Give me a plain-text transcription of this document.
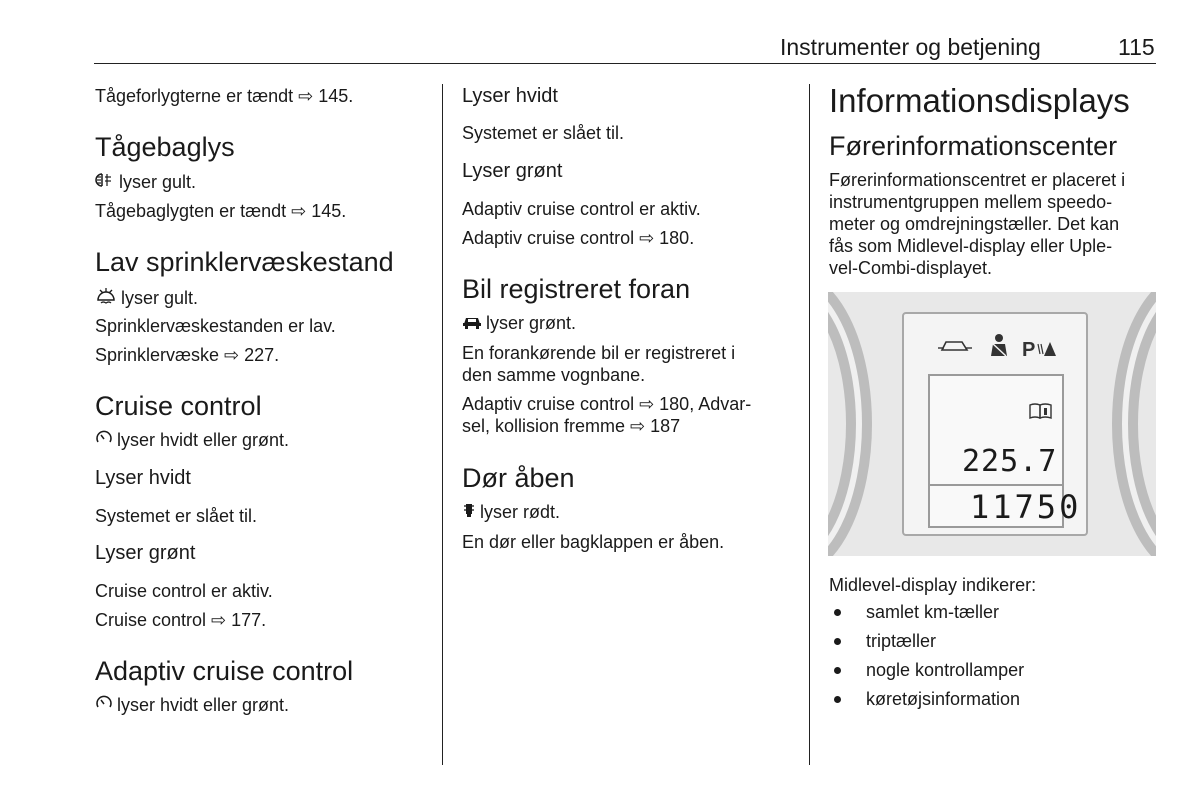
Instrumenter og betjening	115
Tågeforlygterne er tændt ⇨ 145.
Tågebaglys
lyser gult.
Tågebaglygten er tændt ⇨ 145.
Lav sprinklervæskestand
lyser gult.
Sprinklervæskestanden er lav.
Sprinklervæske ⇨ 227.
Cruise control
lyser hvidt eller grønt.
Lyser hvidt
Systemet er slået til.
Lyser grønt
Cruise control er aktiv.
Cruise control ⇨ 177.
Adaptiv cruise control
lyser hvidt eller grønt.
Lyser hvidt
Systemet er slået til.
Lyser grønt
Adaptiv cruise control er aktiv.
Adaptiv cruise control ⇨ 180.
Bil registreret foran
lyser grønt.
En forankørende bil er registreret i
den samme vognbane.
Adaptiv cruise control ⇨ 180, Advar-
sel, kollision fremme ⇨ 187
Dør åben
lyser rødt.
En dør eller bagklappen er åben.
Informationsdisplays
Førerinformationscenter
Førerinformationscentret er placeret i
instrumentgruppen mellem speedo-
meter og omdrejningstæller. Det kan
fås som Midlevel-display eller Uple-
vel-Combi-displayet.
P
225.7
11750
Midlevel-display indikerer:
samlet km-tæller
triptæller
nogle kontrollamper
køretøjsinformation
